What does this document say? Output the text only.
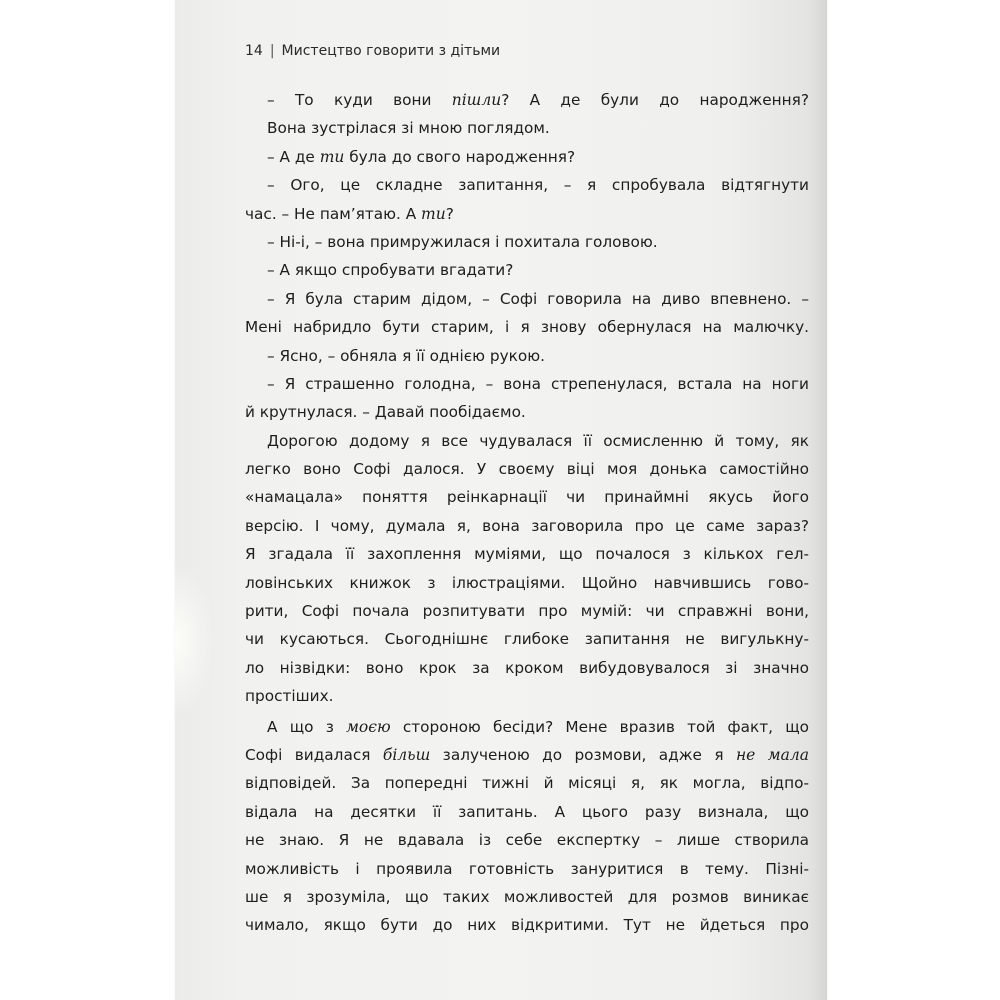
14 | Мистецтво говорити з дітьми
– То куди вони пішли? А де були до народження?
Вона зустрілася зі мною поглядом.
– А де ти була до свого народження?
– Ого, це складне запитання, – я спробувала відтягнути
час. – Не пам’ятаю. А ти?
– Ні-і, – вона примружилася і похитала головою.
– А якщо спробувати вгадати?
– Я була старим дідом, – Софі говорила на диво впевнено. –
Мені набридло бути старим, і я знову обернулася на малючку.
– Ясно, – обняла я її однією рукою.
– Я страшенно голодна, – вона стрепенулася, встала на ноги
й крутнулася. – Давай пообідаємо.
Дорогою додому я все чудувалася її осмисленню й тому, як
легко воно Софі далося. У своєму віці моя донька самостійно
«намацала» поняття реінкарнації чи принаймні якусь його
версію. І чому, думала я, вона заговорила про це саме зараз?
Я згадала її захоплення муміями, що почалося з кількох гел-
ловінських книжок з ілюстраціями. Щойно навчившись гово-
рити, Софі почала розпитувати про мумій: чи справжні вони,
чи кусаються. Сьогоднішнє глибоке запитання не вигулькну-
ло нізвідки: воно крок за кроком вибудовувалося зі значно
простіших.
А що з моєю стороною бесіди? Мене вразив той факт, що
Софі видалася більш залученою до розмови, адже я не мала
відповідей. За попередні тижні й місяці я, як могла, відпо-
відала на десятки її запитань. А цього разу визнала, що
не знаю. Я не вдавала із себе експертку – лише створила
можливість і проявила готовність зануритися в тему. Пізні-
ше я зрозуміла, що таких можливостей для розмов виникає
чимало, якщо бути до них відкритими. Тут не йдеться про
